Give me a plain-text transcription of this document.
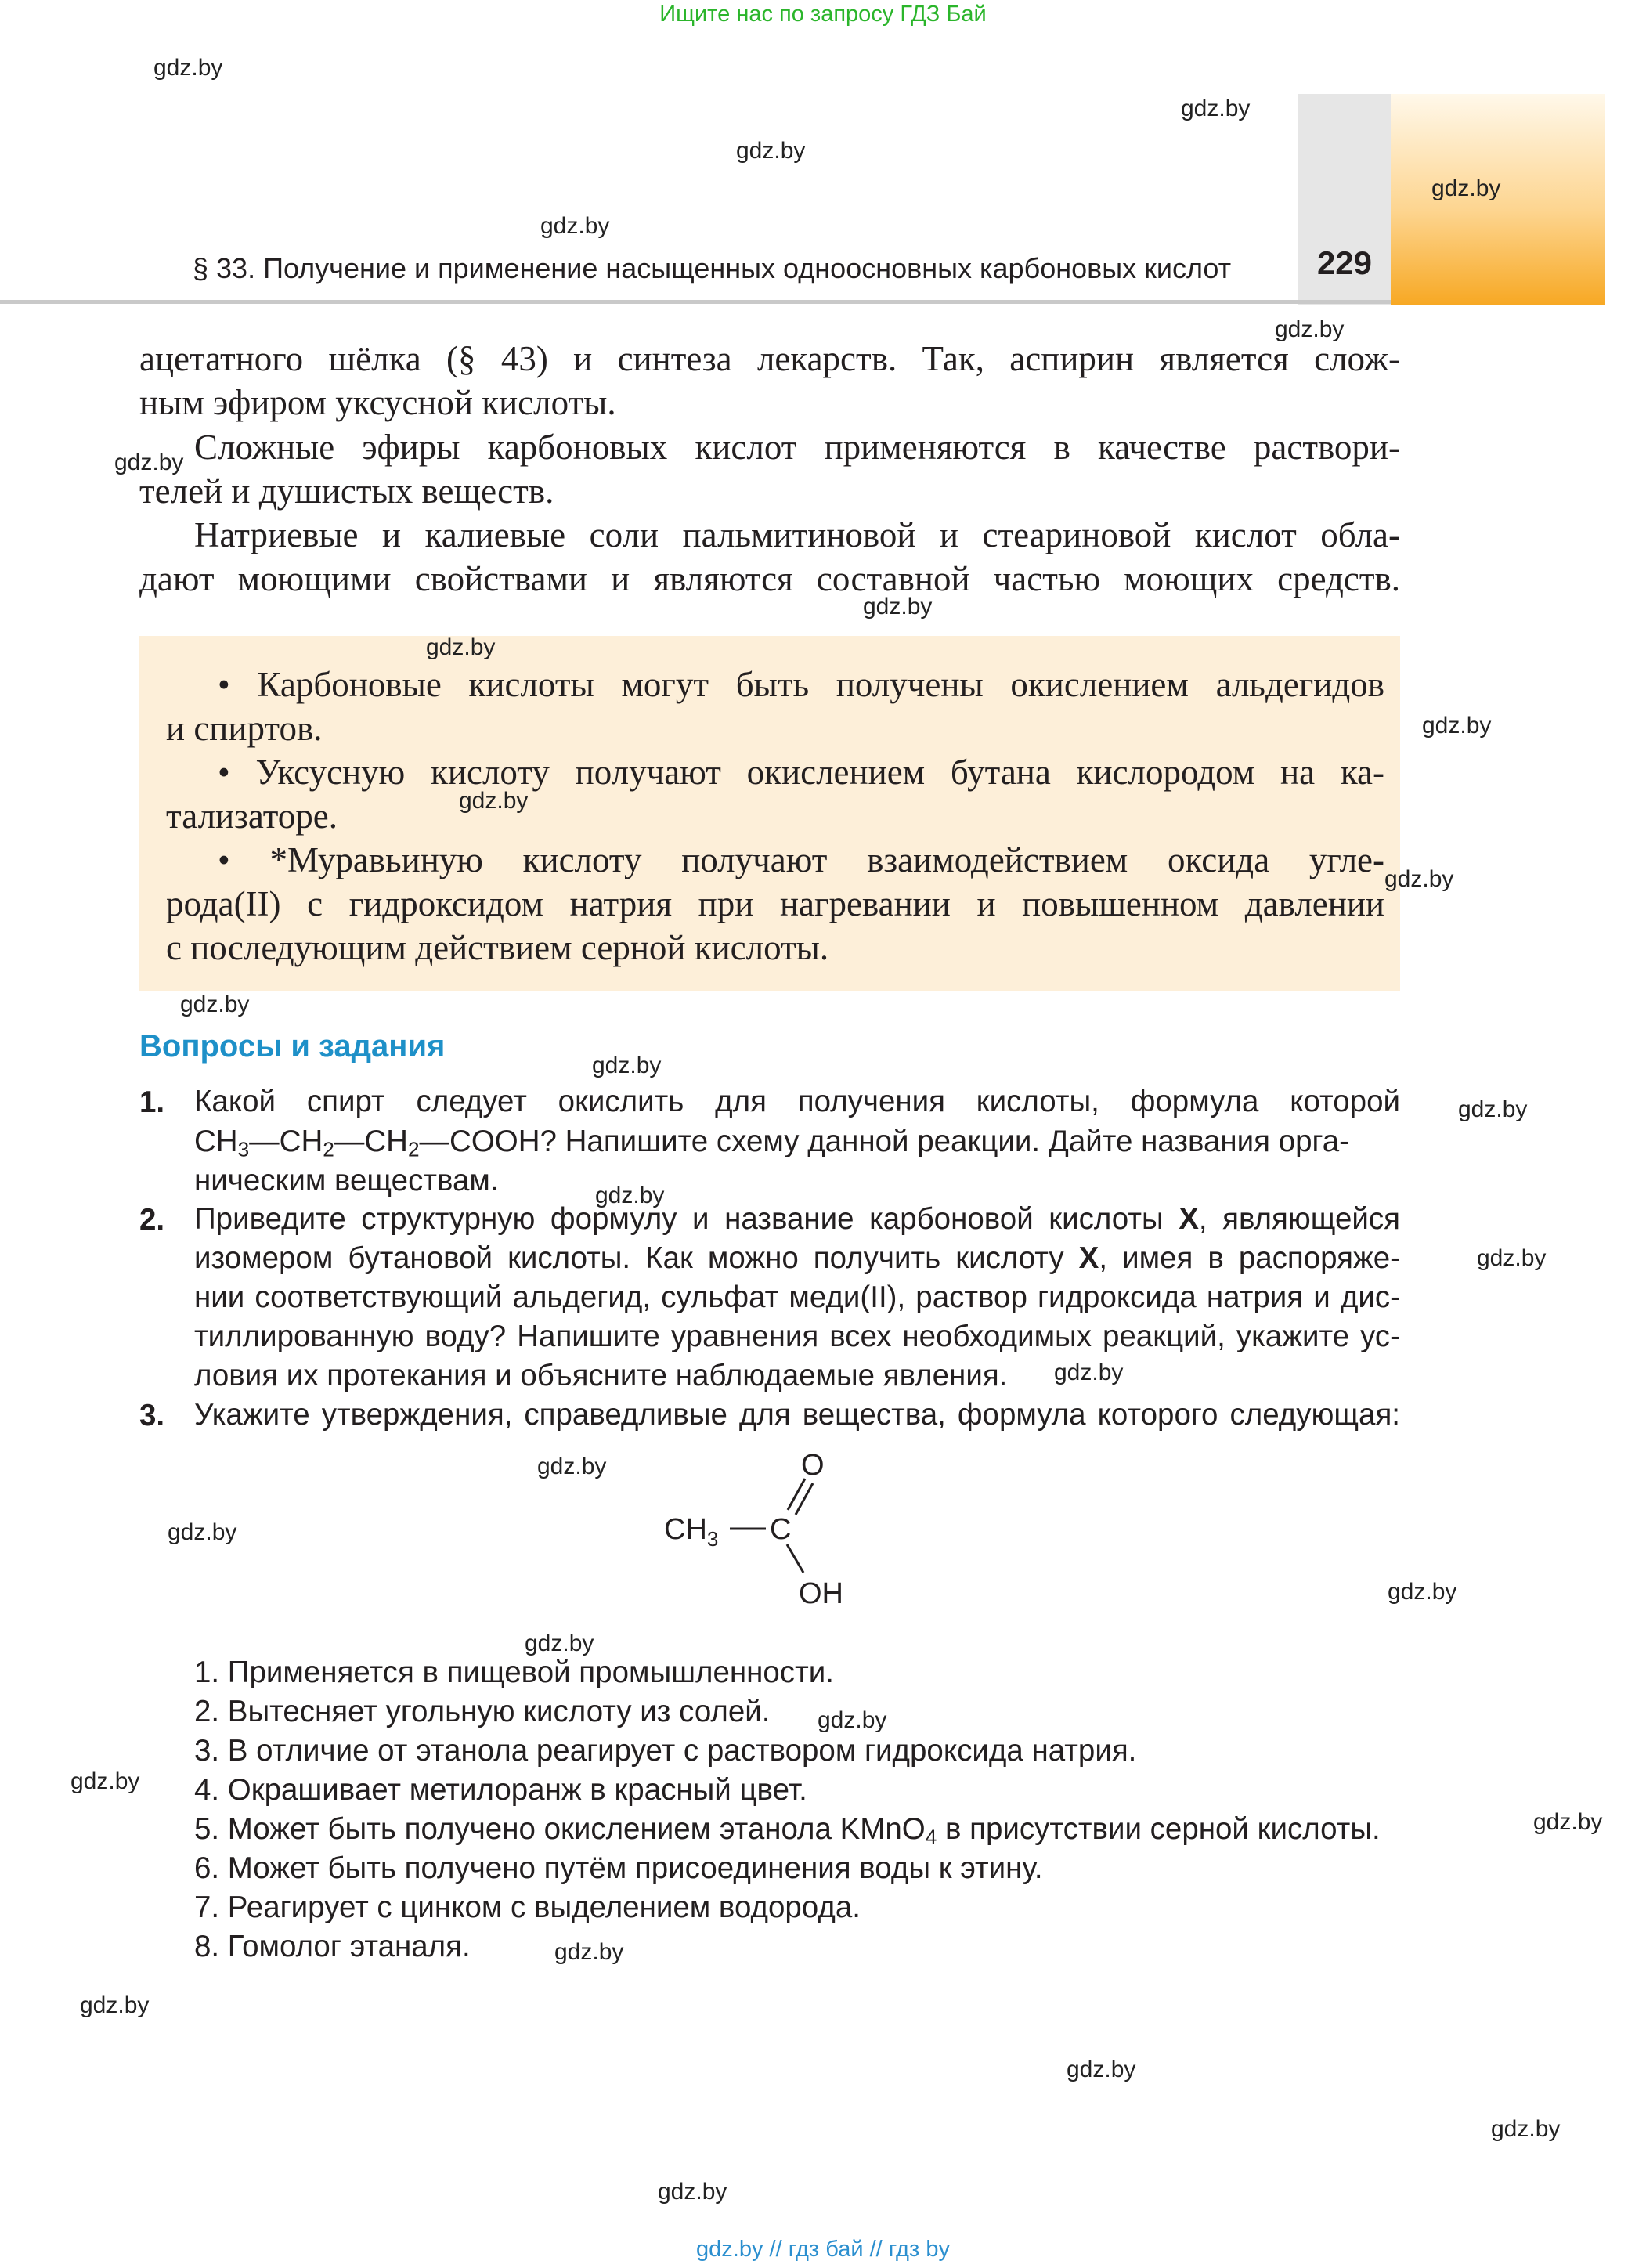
Ищите нас по запросу ГДЗ Бай
gdz.by // гдз бай // гдз by
§ 33. Получение и применение насыщенных одноосновных карбоновых кислот	229
ацетатного шёлка (§ 43) и синтеза лекарств. Так, аспирин является слож-
ным эфиром уксусной кислоты.
Сложные эфиры карбоновых кислот применяются в качестве раствори-
телей и душистых веществ.
Натриевые и калиевые соли пальмитиновой и стеариновой кислот обла-
дают моющими свойствами и являются составной частью моющих средств.
• Карбоновые кислоты могут быть получены окислением альдегидов
и спиртов.
• Уксусную кислоту получают окислением бутана кислородом на ка-
тализаторе.
• *Муравьиную кислоту получают взаимодействием оксида угле-
рода(II) с гидроксидом натрия при нагревании и повышенном давлении
с последующим действием серной кислоты.
Вопросы и задания
1. Какой спирт следует окислить для получения кислоты, формула которой
$CH_3—CH_2—CH_2—COOH$? Напишите схему данной реакции. Дайте названия орга-
ническим веществам.
2. Приведите структурную формулу и название карбоновой кислоты X, являющейся
изомером бутановой кислоты. Как можно получить кислоту X, имея в распоряже-
нии соответствующий альдегид, сульфат меди(II), раствор гидроксида натрия и дис-
тиллированную воду? Напишите уравнения всех необходимых реакций, укажите ус-
ловия их протекания и объясните наблюдаемые явления.
3. Укажите утверждения, справедливые для вещества, формула которого следующая:
$CH_3$ C
O
OH
1. Применяется в пищевой промышленности.
2. Вытесняет угольную кислоту из солей.
3. В отличие от этанола реагирует с раствором гидроксида натрия.
4. Окрашивает метилоранж в красный цвет.
5. Может быть получено окислением этанола KMnO$_4$ в присутствии серной кислоты.
6. Может быть получено путём присоединения воды к этину.
7. Реагирует с цинком с выделением водорода.
8. Гомолог этаналя.
gdz.by
gdz.by
gdz.by
gdz.by
gdz.by
gdz.by
gdz.by
gdz.by
gdz.by
gdz.by
gdz.by
gdz.by
gdz.by
gdz.by
gdz.by
gdz.by
gdz.by
gdz.by
gdz.by
gdz.by
gdz.by
gdz.by
gdz.by
gdz.by
gdz.by
gdz.by
gdz.by
gdz.by
gdz.by
gdz.by
